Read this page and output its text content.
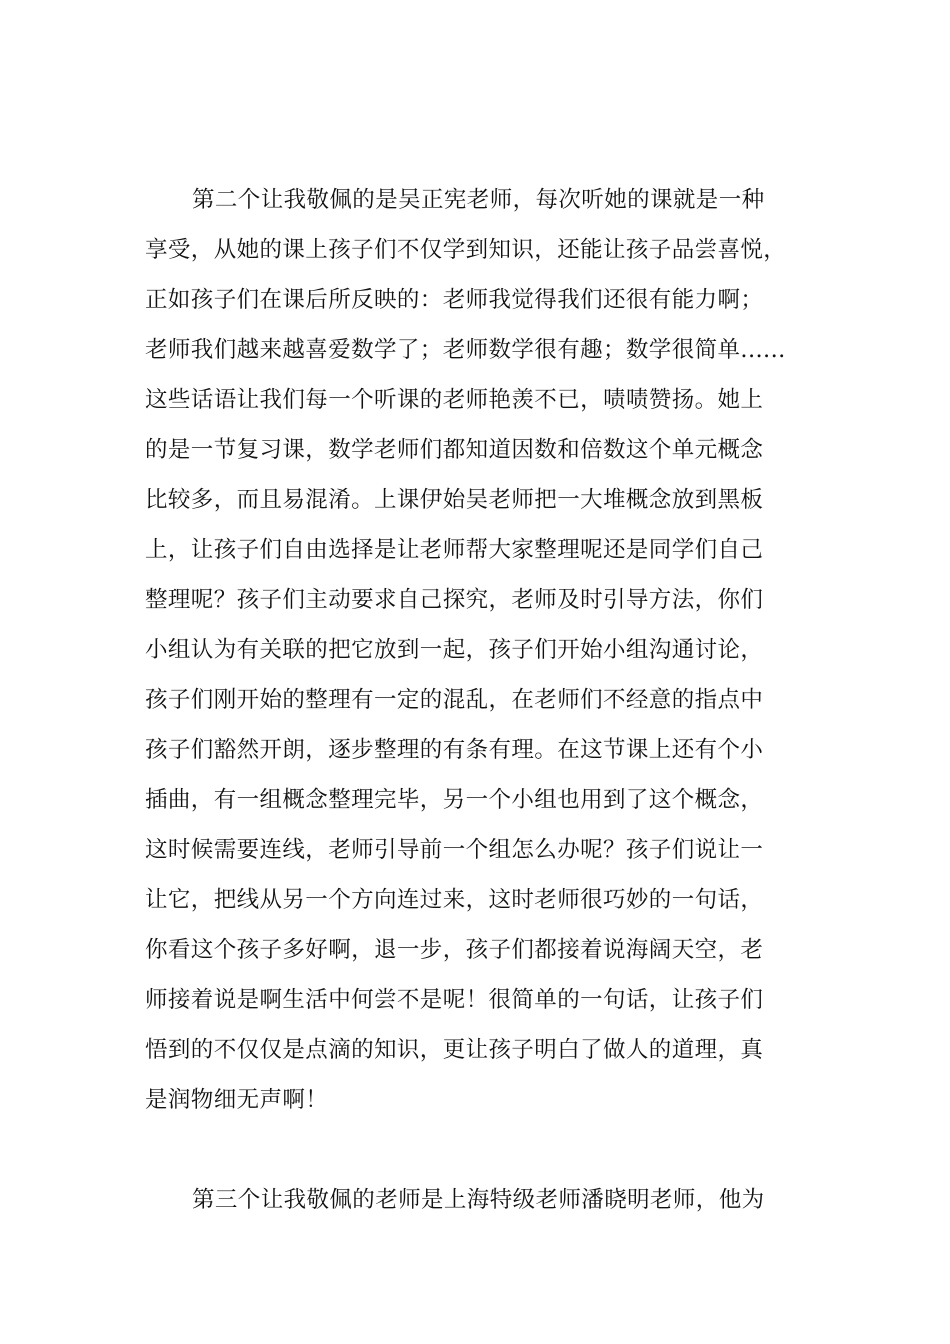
第二个让我敬佩的是吴正宪老师，每次听她的课就是一种
享受，从她的课上孩子们不仅学到知识，还能让孩子品尝喜悦，
正如孩子们在课后所反映的：老师我觉得我们还很有能力啊；
老师我们越来越喜爱数学了；老师数学很有趣；数学很简单......
这些话语让我们每一个听课的老师艳羡不已，啧啧赞扬。她上
的是一节复习课，数学老师们都知道因数和倍数这个单元概念
比较多，而且易混淆。上课伊始吴老师把一大堆概念放到黑板
上，让孩子们自由选择是让老师帮大家整理呢还是同学们自己
整理呢？孩子们主动要求自己探究，老师及时引导方法，你们
小组认为有关联的把它放到一起，孩子们开始小组沟通讨论，
孩子们刚开始的整理有一定的混乱，在老师们不经意的指点中
孩子们豁然开朗，逐步整理的有条有理。在这节课上还有个小
插曲，有一组概念整理完毕，另一个小组也用到了这个概念，
这时候需要连线，老师引导前一个组怎么办呢？孩子们说让一
让它，把线从另一个方向连过来，这时老师很巧妙的一句话，
你看这个孩子多好啊，退一步，孩子们都接着说海阔天空，老
师接着说是啊生活中何尝不是呢！很简单的一句话，让孩子们
悟到的不仅仅是点滴的知识，更让孩子明白了做人的道理，真
是润物细无声啊！
第三个让我敬佩的老师是上海特级老师潘晓明老师，他为
